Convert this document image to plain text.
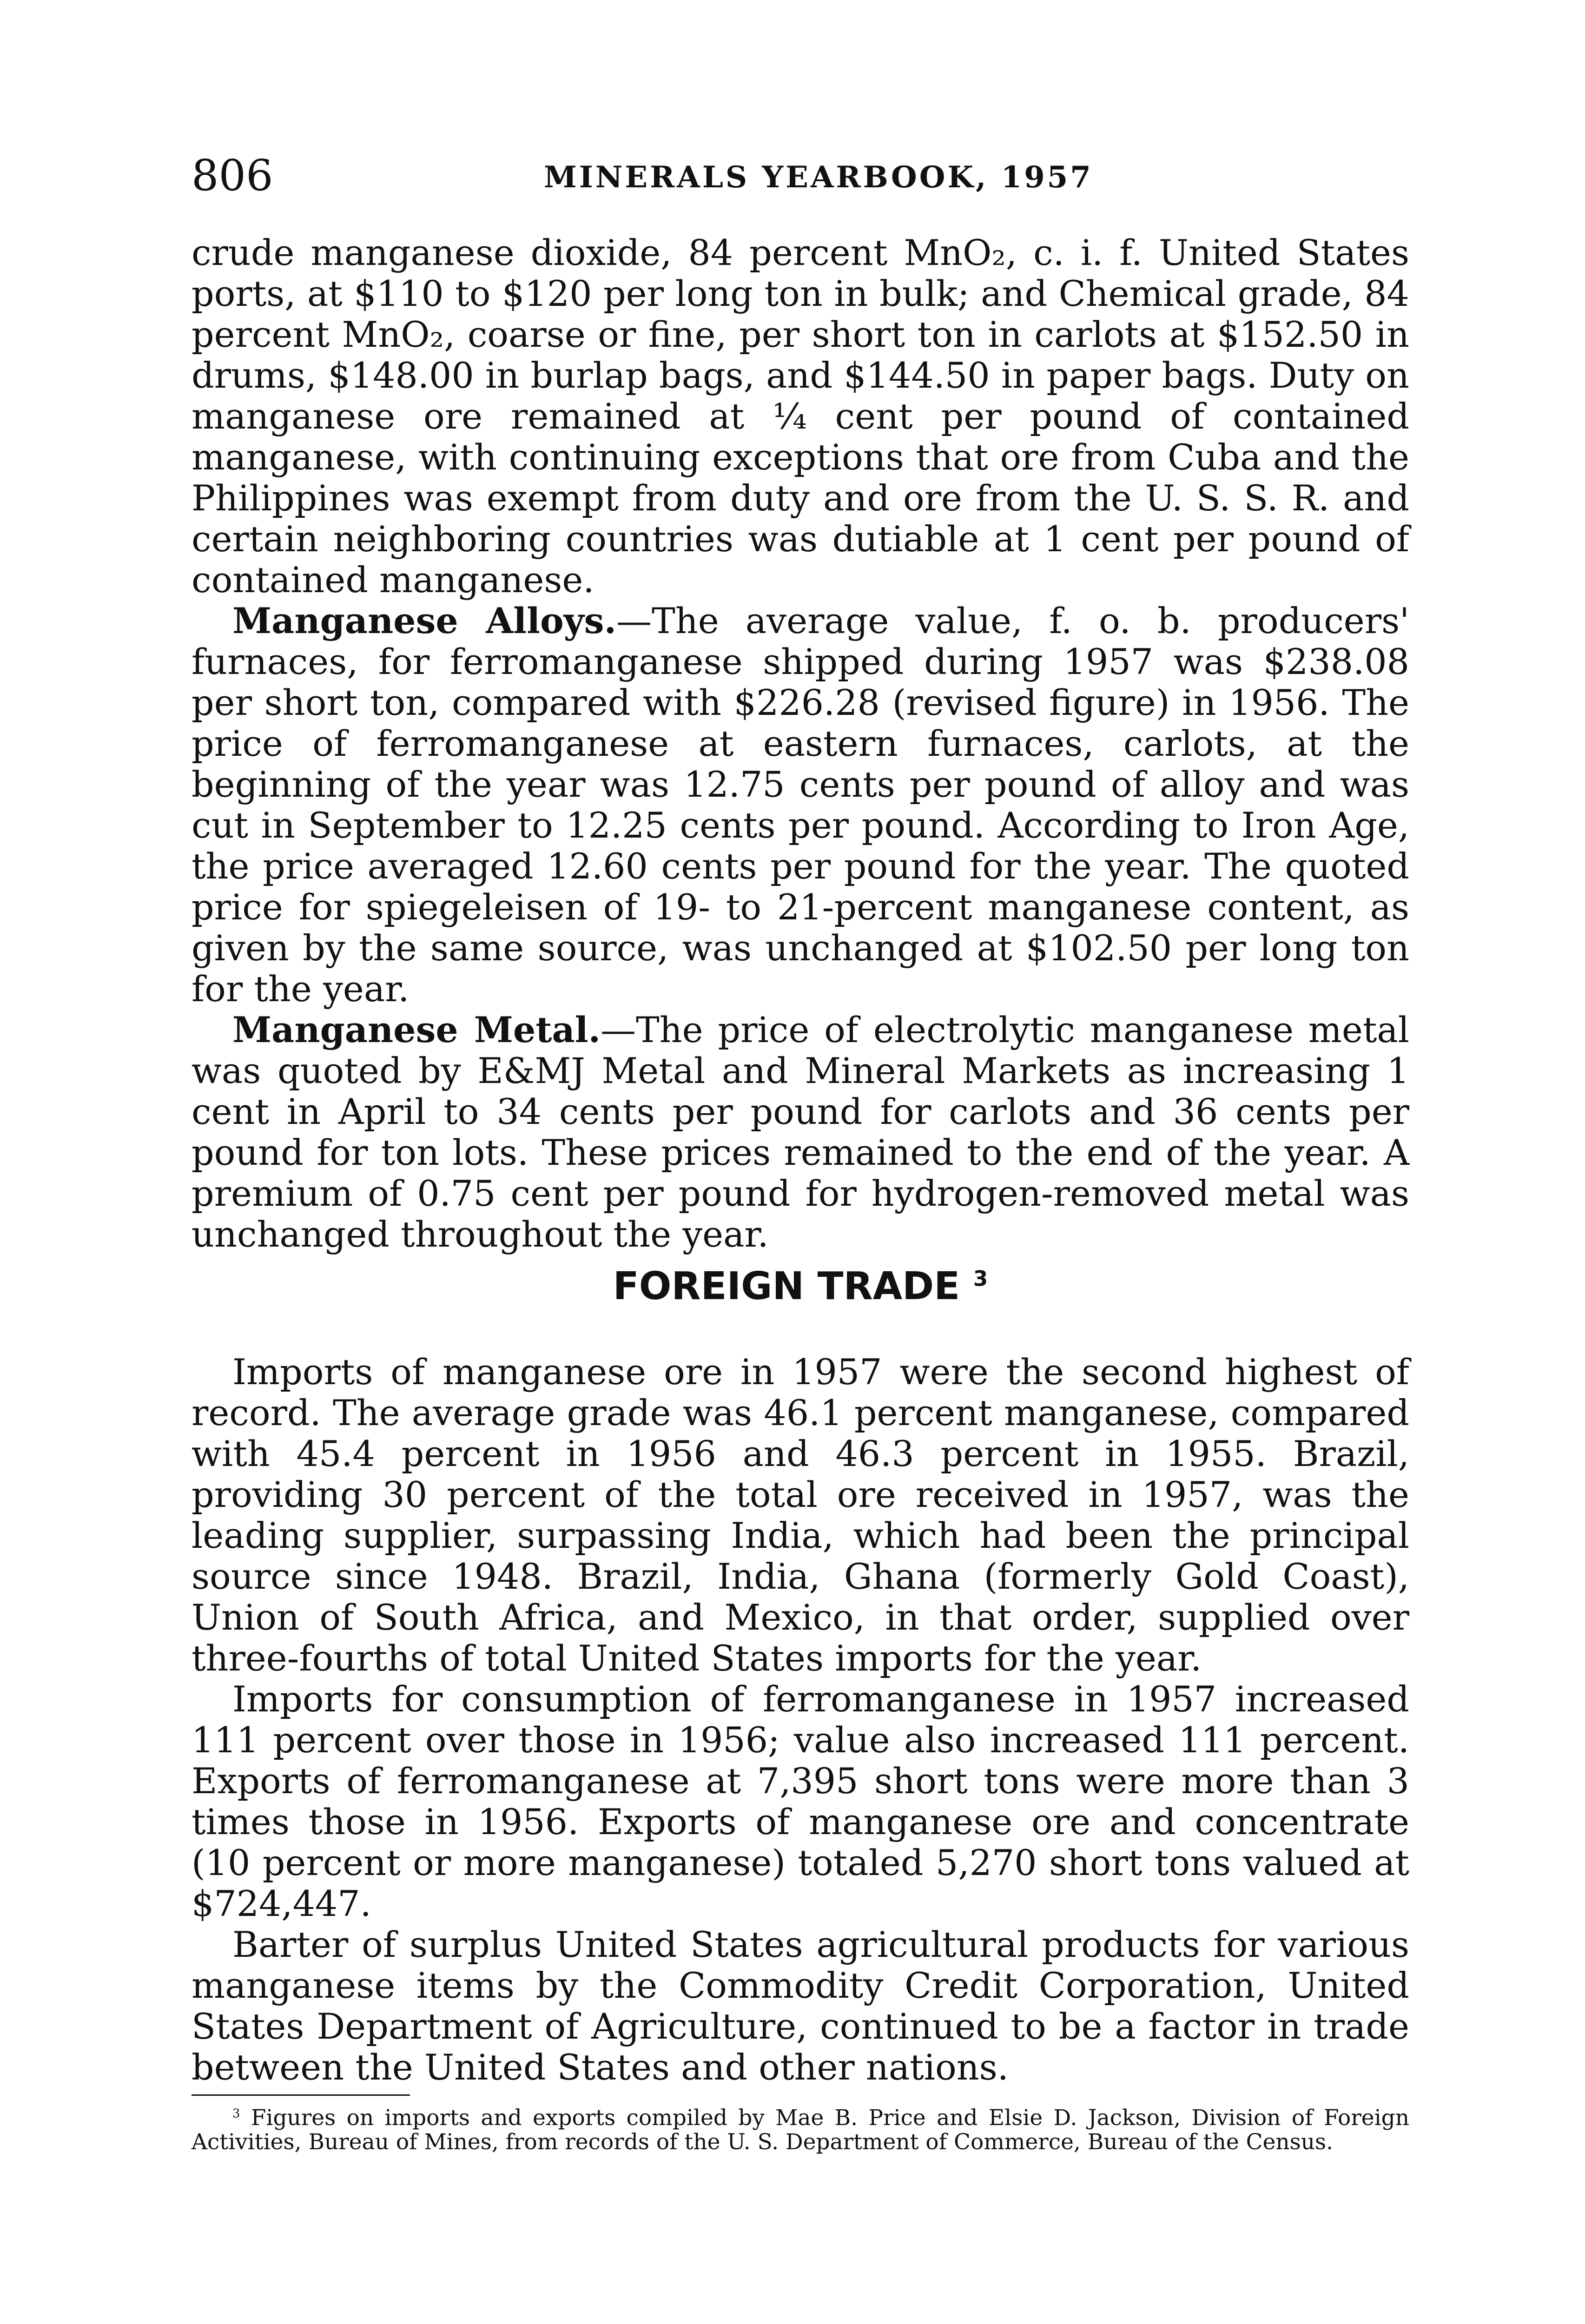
806	MINERALS YEARBOOK, 1957

crude manganese dioxide, 84 percent MnO₂, c. i. f. United States ports, at $110 to $120 per long ton in bulk; and Chemical grade, 84 percent MnO₂, coarse or fine, per short ton in carlots at $152.50 in drums, $148.00 in burlap bags, and $144.50 in paper bags. Duty on manganese ore remained at ¼ cent per pound of contained manganese, with continuing exceptions that ore from Cuba and the Philippines was exempt from duty and ore from the U. S. S. R. and certain neighboring countries was dutiable at 1 cent per pound of contained manganese.

Manganese Alloys.—The average value, f. o. b. producers' furnaces, for ferromanganese shipped during 1957 was $238.08 per short ton, compared with $226.28 (revised figure) in 1956. The price of ferromanganese at eastern furnaces, carlots, at the beginning of the year was 12.75 cents per pound of alloy and was cut in September to 12.25 cents per pound. According to Iron Age, the price averaged 12.60 cents per pound for the year. The quoted price for spiegeleisen of 19- to 21-percent manganese content, as given by the same source, was unchanged at $102.50 per long ton for the year.

Manganese Metal.—The price of electrolytic manganese metal was quoted by E&MJ Metal and Mineral Markets as increasing 1 cent in April to 34 cents per pound for carlots and 36 cents per pound for ton lots. These prices remained to the end of the year. A premium of 0.75 cent per pound for hydrogen-removed metal was unchanged throughout the year.

FOREIGN TRADE $^3$

Imports of manganese ore in 1957 were the second highest of record. The average grade was 46.1 percent manganese, compared with 45.4 percent in 1956 and 46.3 percent in 1955. Brazil, providing 30 percent of the total ore received in 1957, was the leading supplier, surpassing India, which had been the principal source since 1948. Brazil, India, Ghana (formerly Gold Coast), Union of South Africa, and Mexico, in that order, supplied over three-fourths of total United States imports for the year.

Imports for consumption of ferromanganese in 1957 increased 111 percent over those in 1956; value also increased 111 percent. Exports of ferromanganese at 7,395 short tons were more than 3 times those in 1956. Exports of manganese ore and concentrate (10 percent or more manganese) totaled 5,270 short tons valued at $724,447.

Barter of surplus United States agricultural products for various manganese items by the Commodity Credit Corporation, United States Department of Agriculture, continued to be a factor in trade between the United States and other nations.

$^3$ Figures on imports and exports compiled by Mae B. Price and Elsie D. Jackson, Division of Foreign Activities, Bureau of Mines, from records of the U. S. Department of Commerce, Bureau of the Census.
